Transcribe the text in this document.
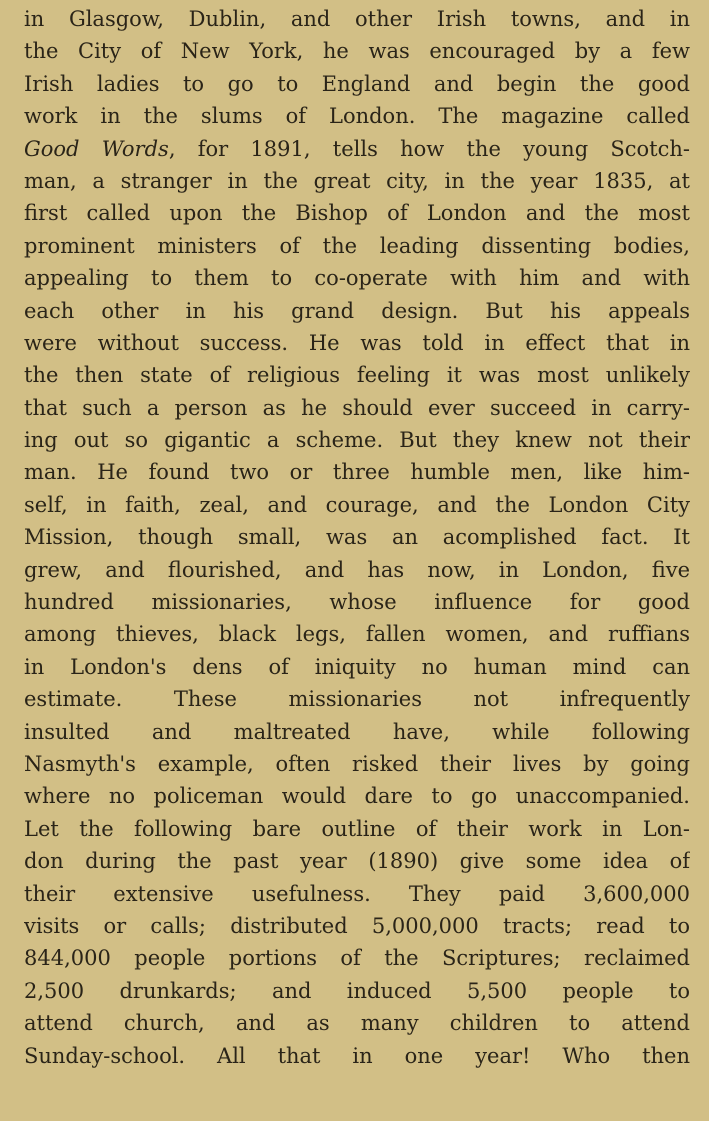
in Glasgow, Dublin, and other Irish towns, and in
the City of New York, he was encouraged by a few
Irish ladies to go to England and begin the good
work in the slums of London. The magazine called
Good Words, for 1891, tells how the young Scotch-
man, a stranger in the great city, in the year 1835, at
first called upon the Bishop of London and the most
prominent ministers of the leading dissenting bodies,
appealing to them to co-operate with him and with
each other in his grand design. But his appeals
were without success. He was told in effect that in
the then state of religious feeling it was most unlikely
that such a person as he should ever succeed in carry-
ing out so gigantic a scheme. But they knew not their
man. He found two or three humble men, like him-
self, in faith, zeal, and courage, and the London City
Mission, though small, was an acomplished fact. It
grew, and flourished, and has now, in London, five
hundred missionaries, whose influence for good
among thieves, black legs, fallen women, and ruffians
in London's dens of iniquity no human mind can
estimate. These missionaries not infrequently
insulted and maltreated have, while following
Nasmyth's example, often risked their lives by going
where no policeman would dare to go unaccompanied.
Let the following bare outline of their work in Lon-
don during the past year (1890) give some idea of
their extensive usefulness. They paid 3,600,000
visits or calls; distributed 5,000,000 tracts; read to
844,000 people portions of the Scriptures; reclaimed
2,500 drunkards; and induced 5,500 people to
attend church, and as many children to attend
Sunday-school. All that in one year! Who then
